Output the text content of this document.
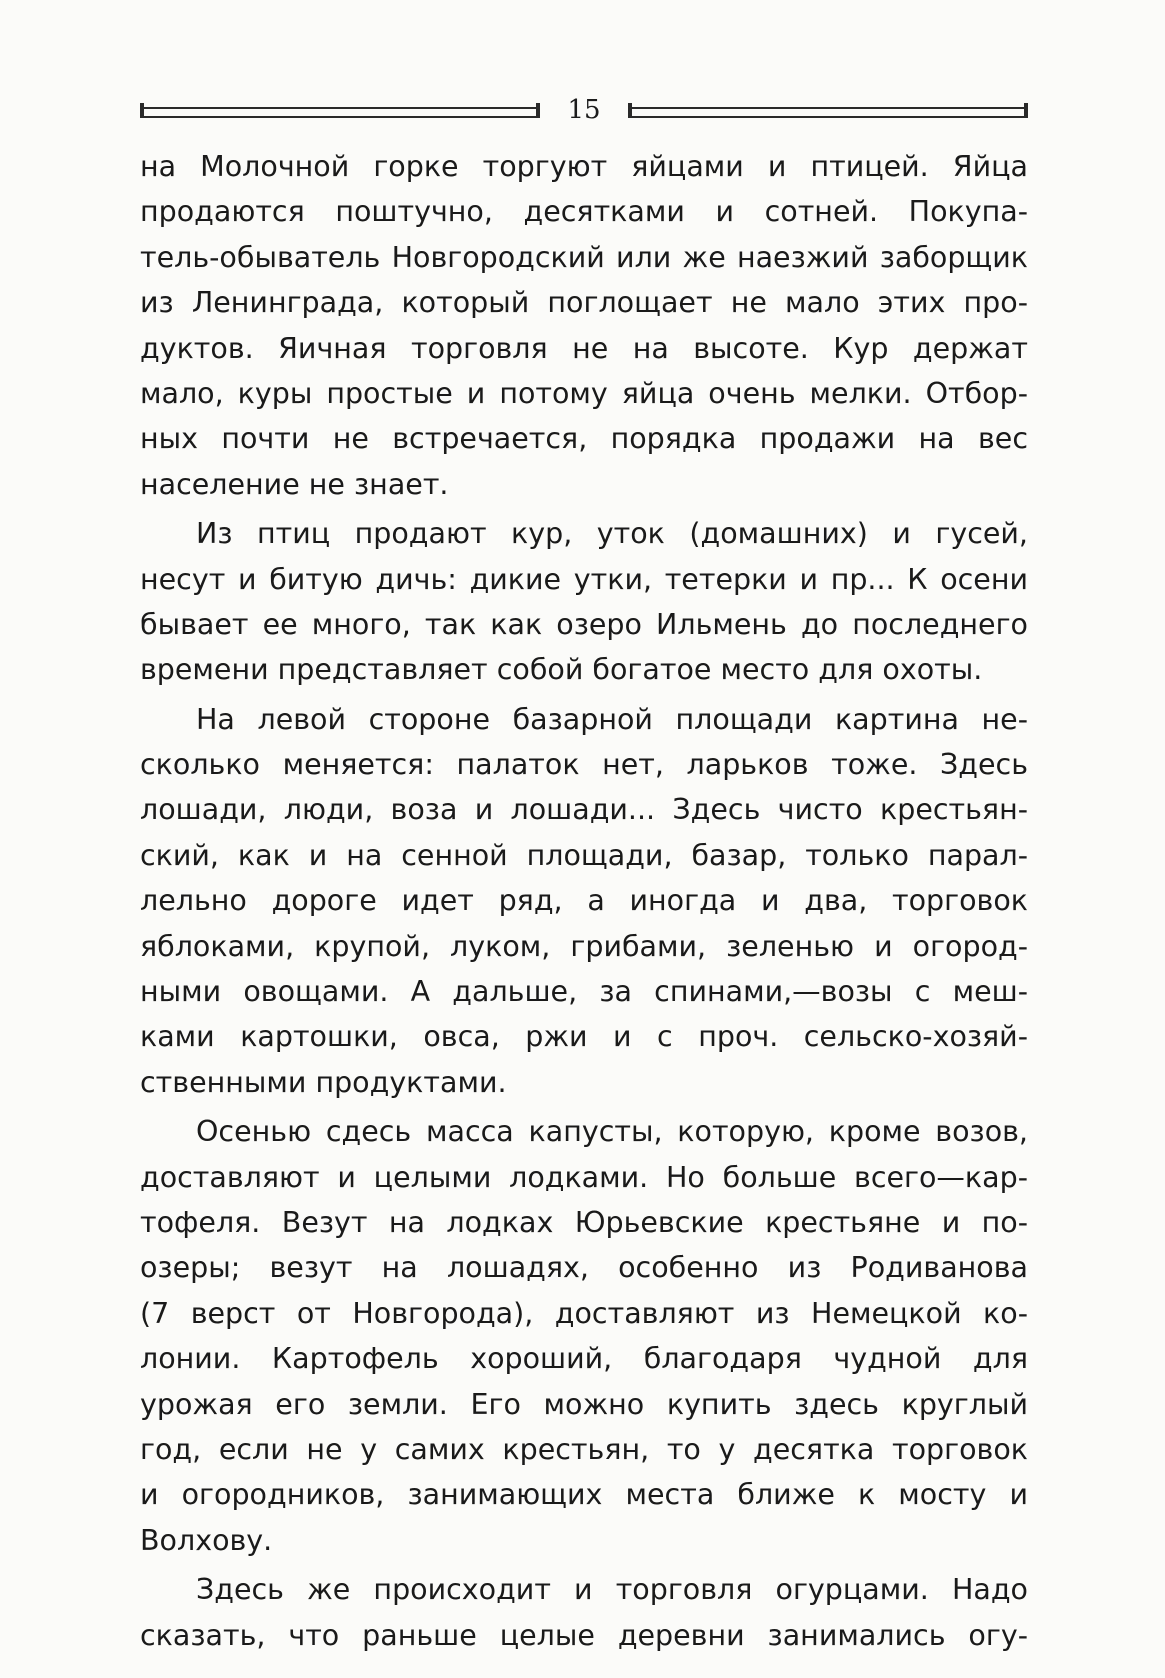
15
на Молочной горке торгуют яйцами и птицей. Яйца
продаются поштучно, десятками и сотней. Покупа-
тель-обыватель Новгородский или же наезжий заборщик
из Ленинграда, который поглощает не мало этих про-
дуктов. Яичная торговля не на высоте. Кур держат
мало, куры простые и потому яйца очень мелки. Отбор-
ных почти не встречается, порядка продажи на вес
население не знает.
Из птиц продают кур, уток (домашних) и гусей,
несут и битую дичь: дикие утки, тетерки и пр... К осени
бывает ее много, так как озеро Ильмень до последнего
времени представляет собой богатое место для охоты.
На левой стороне базарной площади картина не-
сколько меняется: палаток нет, ларьков тоже. Здесь
лошади, люди, воза и лошади... Здесь чисто крестьян-
ский, как и на сенной площади, базар, только парал-
лельно дороге идет ряд, а иногда и два, торговок
яблоками, крупой, луком, грибами, зеленью и огород-
ными овощами. А дальше, за спинами,—возы с меш-
ками картошки, овса, ржи и с проч. сельско-хозяй-
ственными продуктами.
Осенью сдесь масса капусты, которую, кроме возов,
доставляют и целыми лодками. Но больше всего—кар-
тофеля. Везут на лодках Юрьевские крестьяне и по-
озеры; везут на лошадях, особенно из Родиванова
(7 верст от Новгорода), доставляют из Немецкой ко-
лонии. Картофель хороший, благодаря чудной для
урожая его земли. Его можно купить здесь круглый
год, если не у самих крестьян, то у десятка торговок
и огородников, занимающих места ближе к мосту и
Волхову.
Здесь же происходит и торговля огурцами. Надо
сказать, что раньше целые деревни занимались огу-
